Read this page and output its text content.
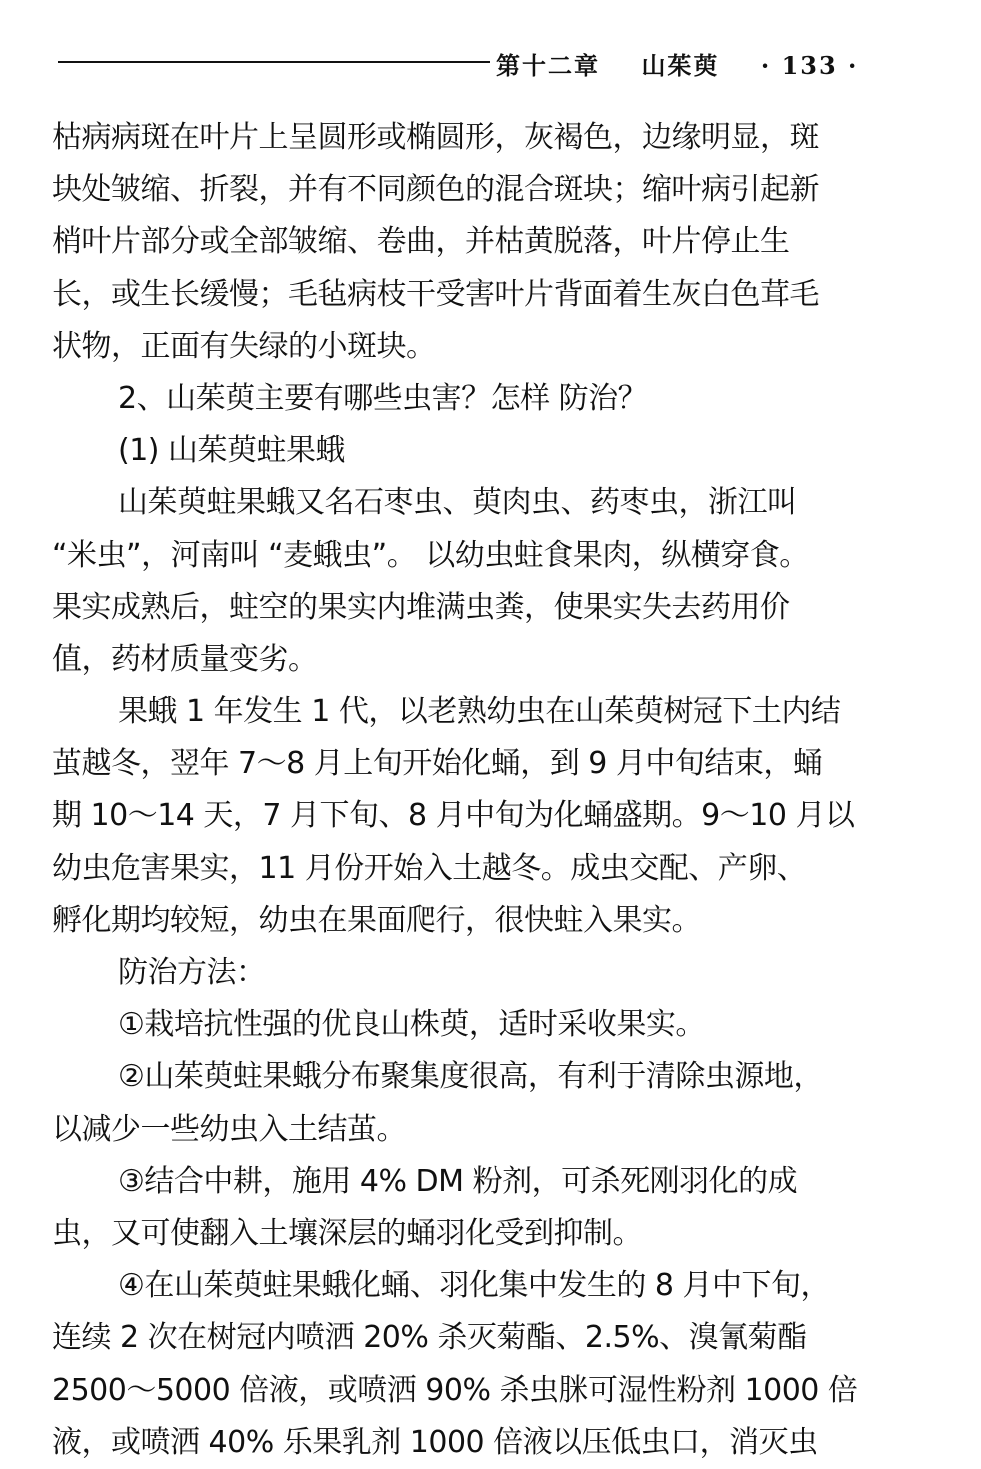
第十二章 山茱萸 · 133 ·
枯病病斑在叶片上呈圆形或椭圆形，灰褐色，边缘明显，斑
块处皱缩、折裂，并有不同颜色的混合斑块；缩叶病引起新
梢叶片部分或全部皱缩、卷曲，并枯黄脱落，叶片停止生
长，或生长缓慢；毛毡病枝干受害叶片背面着生灰白色茸毛
状物，正面有失绿的小斑块。
2、山茱萸主要有哪些虫害？怎样 防治？
(1) 山茱萸蛀果蛾
山茱萸蛀果蛾又名石枣虫、萸肉虫、药枣虫，浙江叫
“米虫”，河南叫 “麦蛾虫”。 以幼虫蛀食果肉，纵横穿食。
果实成熟后，蛀空的果实内堆满虫粪，使果实失去药用价
值，药材质量变劣。
果蛾 1 年发生 1 代，以老熟幼虫在山茱萸树冠下土内结
茧越冬，翌年 7～8 月上旬开始化蛹，到 9 月中旬结束，蛹
期 10～14 天，7 月下旬、8 月中旬为化蛹盛期。9～10 月以
幼虫危害果实，11 月份开始入土越冬。成虫交配、产卵、
孵化期均较短，幼虫在果面爬行，很快蛀入果实。
防治方法：
①栽培抗性强的优良山株萸，适时采收果实。
②山茱萸蛀果蛾分布聚集度很高，有利于清除虫源地，
以减少一些幼虫入土结茧。
③结合中耕，施用 4% DM 粉剂，可杀死刚羽化的成
虫，又可使翻入土壤深层的蛹羽化受到抑制。
④在山茱萸蛀果蛾化蛹、羽化集中发生的 8 月中下旬，
连续 2 次在树冠内喷洒 20% 杀灭菊酯、2.5%、溴氰菊酯
2500～5000 倍液，或喷洒 90% 杀虫脒可湿性粉剂 1000 倍
液，或喷洒 40% 乐果乳剂 1000 倍液以压低虫口，消灭虫
